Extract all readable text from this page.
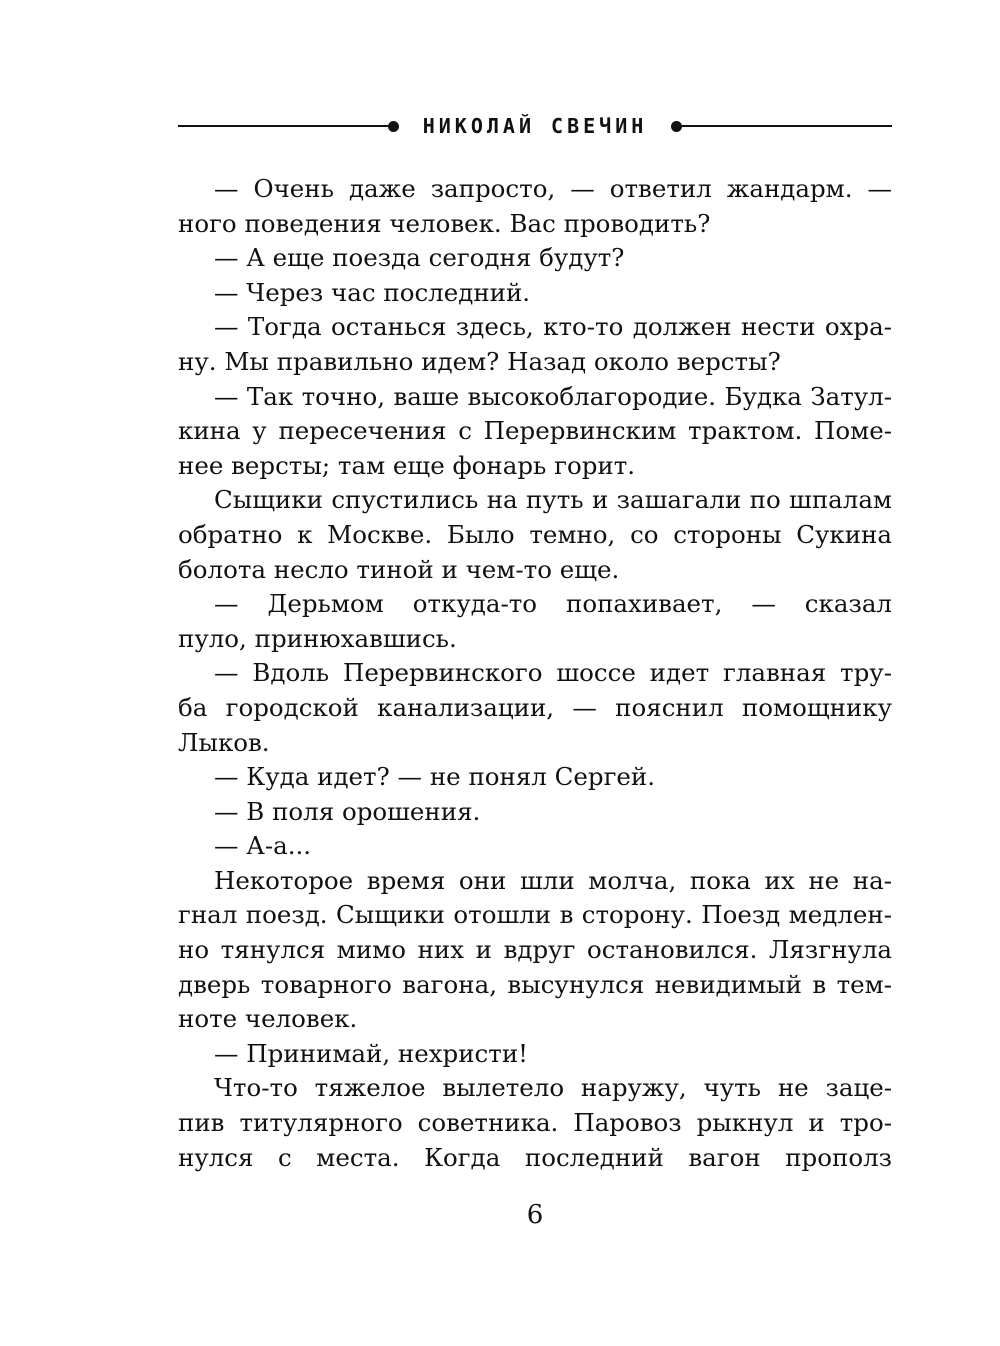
НИКОЛАЙ СВЕЧИН
— Очень даже запросто, — ответил жандарм. —
ного поведения человек. Вас проводить?
— А еще поезда сегодня будут?
— Через час последний.
— Тогда останься здесь, кто-то должен нести охра-
ну. Мы правильно идем? Назад около версты?
— Так точно, ваше высокоблагородие. Будка Затул-
кина у пересечения с Перервинским трактом. Поме-
нее версты; там еще фонарь горит.
Сыщики спустились на путь и зашагали по шпалам
обратно к Москве. Было темно, со стороны Сукина
болота несло тиной и чем-то еще.
— Дерьмом откуда-то попахивает, — сказал
пуло, принюхавшись.
— Вдоль Перервинского шоссе идет главная тру-
ба городской канализации, — пояснил помощнику
Лыков.
— Куда идет? — не понял Сергей.
— В поля орошения.
— А-а...
Некоторое время они шли молча, пока их не на-
гнал поезд. Сыщики отошли в сторону. Поезд медлен-
но тянулся мимо них и вдруг остановился. Лязгнула
дверь товарного вагона, высунулся невидимый в тем-
ноте человек.
— Принимай, нехристи!
Что-то тяжелое вылетело наружу, чуть не заце-
пив титулярного советника. Паровоз рыкнул и тро-
нулся с места. Когда последний вагон прополз
6
